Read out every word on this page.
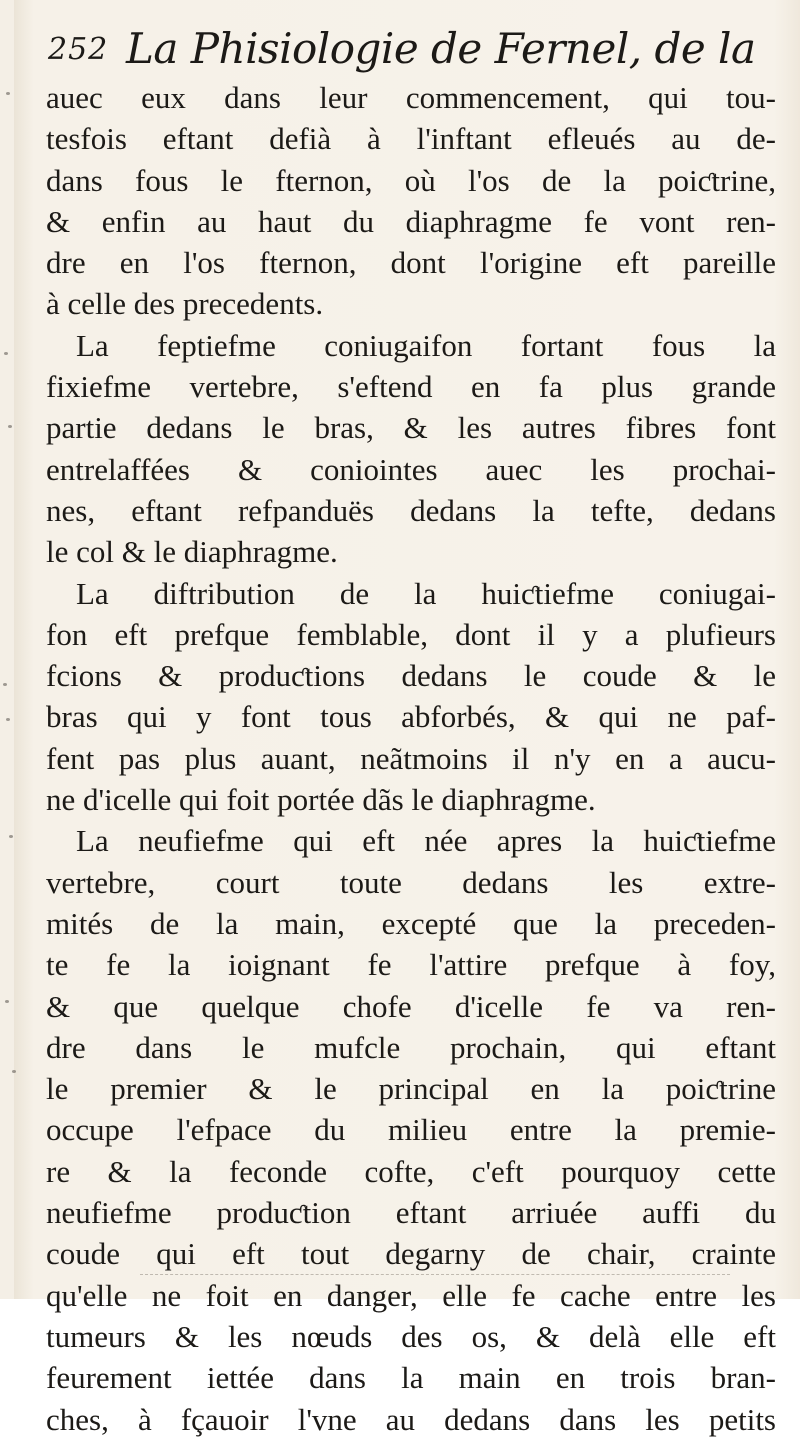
252 La Phisiologie de Fernel, de la
auec eux dans leur commencement, qui tou-
tesfois eftant defià à l'inftant efleués au de-
dans fous le fternon, où l'os de la poiƈtrine,
& enfin au haut du diaphragme fe vont ren-
dre en l'os fternon, dont l'origine eft pareille
à celle des precedents.
La feptiefme coniugaifon fortant fous la
fixiefme vertebre, s'eftend en fa plus grande
partie dedans le bras, & les autres fibres font
entrelaffées & coniointes auec les prochai-
nes, eftant refpanduës dedans la tefte, dedans
le col & le diaphragme.
La diftribution de la huiƈtiefme coniugai-
fon eft prefque femblable, dont il y a plufieurs
fcions & produƈtions dedans le coude & le
bras qui y font tous abforbés, & qui ne paf-
fent pas plus auant, neãtmoins il n'y en a aucu-
ne d'icelle qui foit portée dãs le diaphragme.
La neufiefme qui eft née apres la huiƈtiefme
vertebre, court toute dedans les extre-
mités de la main, excepté que la preceden-
te fe la ioignant fe l'attire prefque à foy,
& que quelque chofe d'icelle fe va ren-
dre dans le mufcle prochain, qui eftant
le premier & le principal en la poiƈtrine
occupe l'efpace du milieu entre la premie-
re & la feconde cofte, c'eft pourquoy cette
neufiefme produƈtion eftant arriuée auffi du
coude qui eft tout degarny de chair, crainte
qu'elle ne foit en danger, elle fe cache entre les
tumeurs & les nœuds des os, & delà elle eft
feurement iettée dans la main en trois bran-
ches, à fçauoir l'vne au dedans dans les petits
